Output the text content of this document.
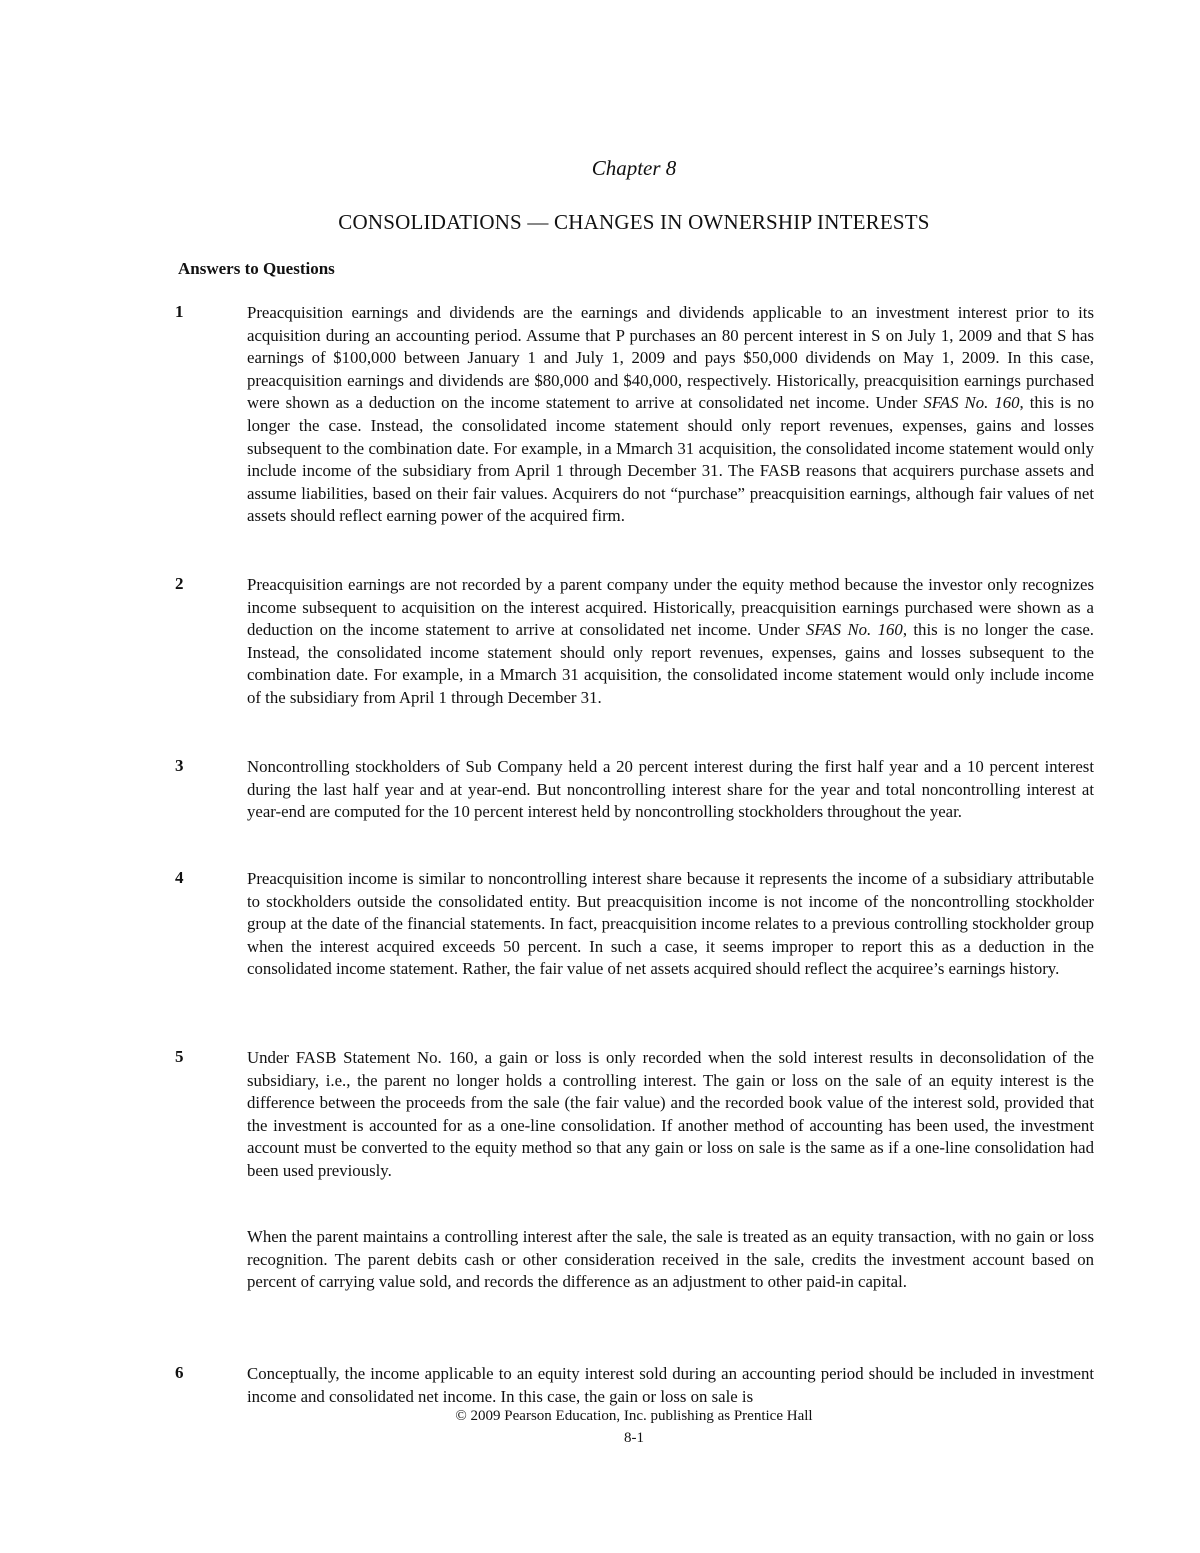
Chapter 8
CONSOLIDATIONS — CHANGES IN OWNERSHIP INTERESTS
Answers to Questions
1	Preacquisition earnings and dividends are the earnings and dividends applicable to an investment interest prior to its acquisition during an accounting period. Assume that P purchases an 80 percent interest in S on July 1, 2009 and that S has earnings of $100,000 between January 1 and July 1, 2009 and pays $50,000 dividends on May 1, 2009. In this case, preacquisition earnings and dividends are $80,000 and $40,000, respectively. Historically, preacquisition earnings purchased were shown as a deduction on the income statement to arrive at consolidated net income. Under SFAS No. 160, this is no longer the case. Instead, the consolidated income statement should only report revenues, expenses, gains and losses subsequent to the combination date. For example, in a Mmarch 31 acquisition, the consolidated income statement would only include income of the subsidiary from April 1 through December 31. The FASB reasons that acquirers purchase assets and assume liabilities, based on their fair values. Acquirers do not “purchase” preacquisition earnings, although fair values of net assets should reflect earning power of the acquired firm.

2	Preacquisition earnings are not recorded by a parent company under the equity method because the investor only recognizes income subsequent to acquisition on the interest acquired. Historically, preacquisition earnings purchased were shown as a deduction on the income statement to arrive at consolidated net income. Under SFAS No. 160, this is no longer the case. Instead, the consolidated income statement should only report revenues, expenses, gains and losses subsequent to the combination date. For example, in a Mmarch 31 acquisition, the consolidated income statement would only include income of the subsidiary from April 1 through December 31.

3	Noncontrolling stockholders of Sub Company held a 20 percent interest during the first half year and a 10 percent interest during the last half year and at year-end. But noncontrolling interest share for the year and total noncontrolling interest at year-end are computed for the 10 percent interest held by noncontrolling stockholders throughout the year.

4	Preacquisition income is similar to noncontrolling interest share because it represents the income of a subsidiary attributable to stockholders outside the consolidated entity. But preacquisition income is not income of the noncontrolling stockholder group at the date of the financial statements. In fact, preacquisition income relates to a previous controlling stockholder group when the interest acquired exceeds 50 percent. In such a case, it seems improper to report this as a deduction in the consolidated income statement. Rather, the fair value of net assets acquired should reflect the acquiree’s earnings history.

5	Under FASB Statement No. 160, a gain or loss is only recorded when the sold interest results in deconsolidation of the subsidiary, i.e., the parent no longer holds a controlling interest. The gain or loss on the sale of an equity interest is the difference between the proceeds from the sale (the fair value) and the recorded book value of the interest sold, provided that the investment is accounted for as a one-line consolidation. If another method of accounting has been used, the investment account must be converted to the equity method so that any gain or loss on sale is the same as if a one-line consolidation had been used previously.

When the parent maintains a controlling interest after the sale, the sale is treated as an equity transaction, with no gain or loss recognition. The parent debits cash or other consideration received in the sale, credits the investment account based on percent of carrying value sold, and records the difference as an adjustment to other paid-in capital.

6	Conceptually, the income applicable to an equity interest sold during an accounting period should be included in investment income and consolidated net income. In this case, the gain or loss on sale is

© 2009 Pearson Education, Inc. publishing as Prentice Hall
8-1
